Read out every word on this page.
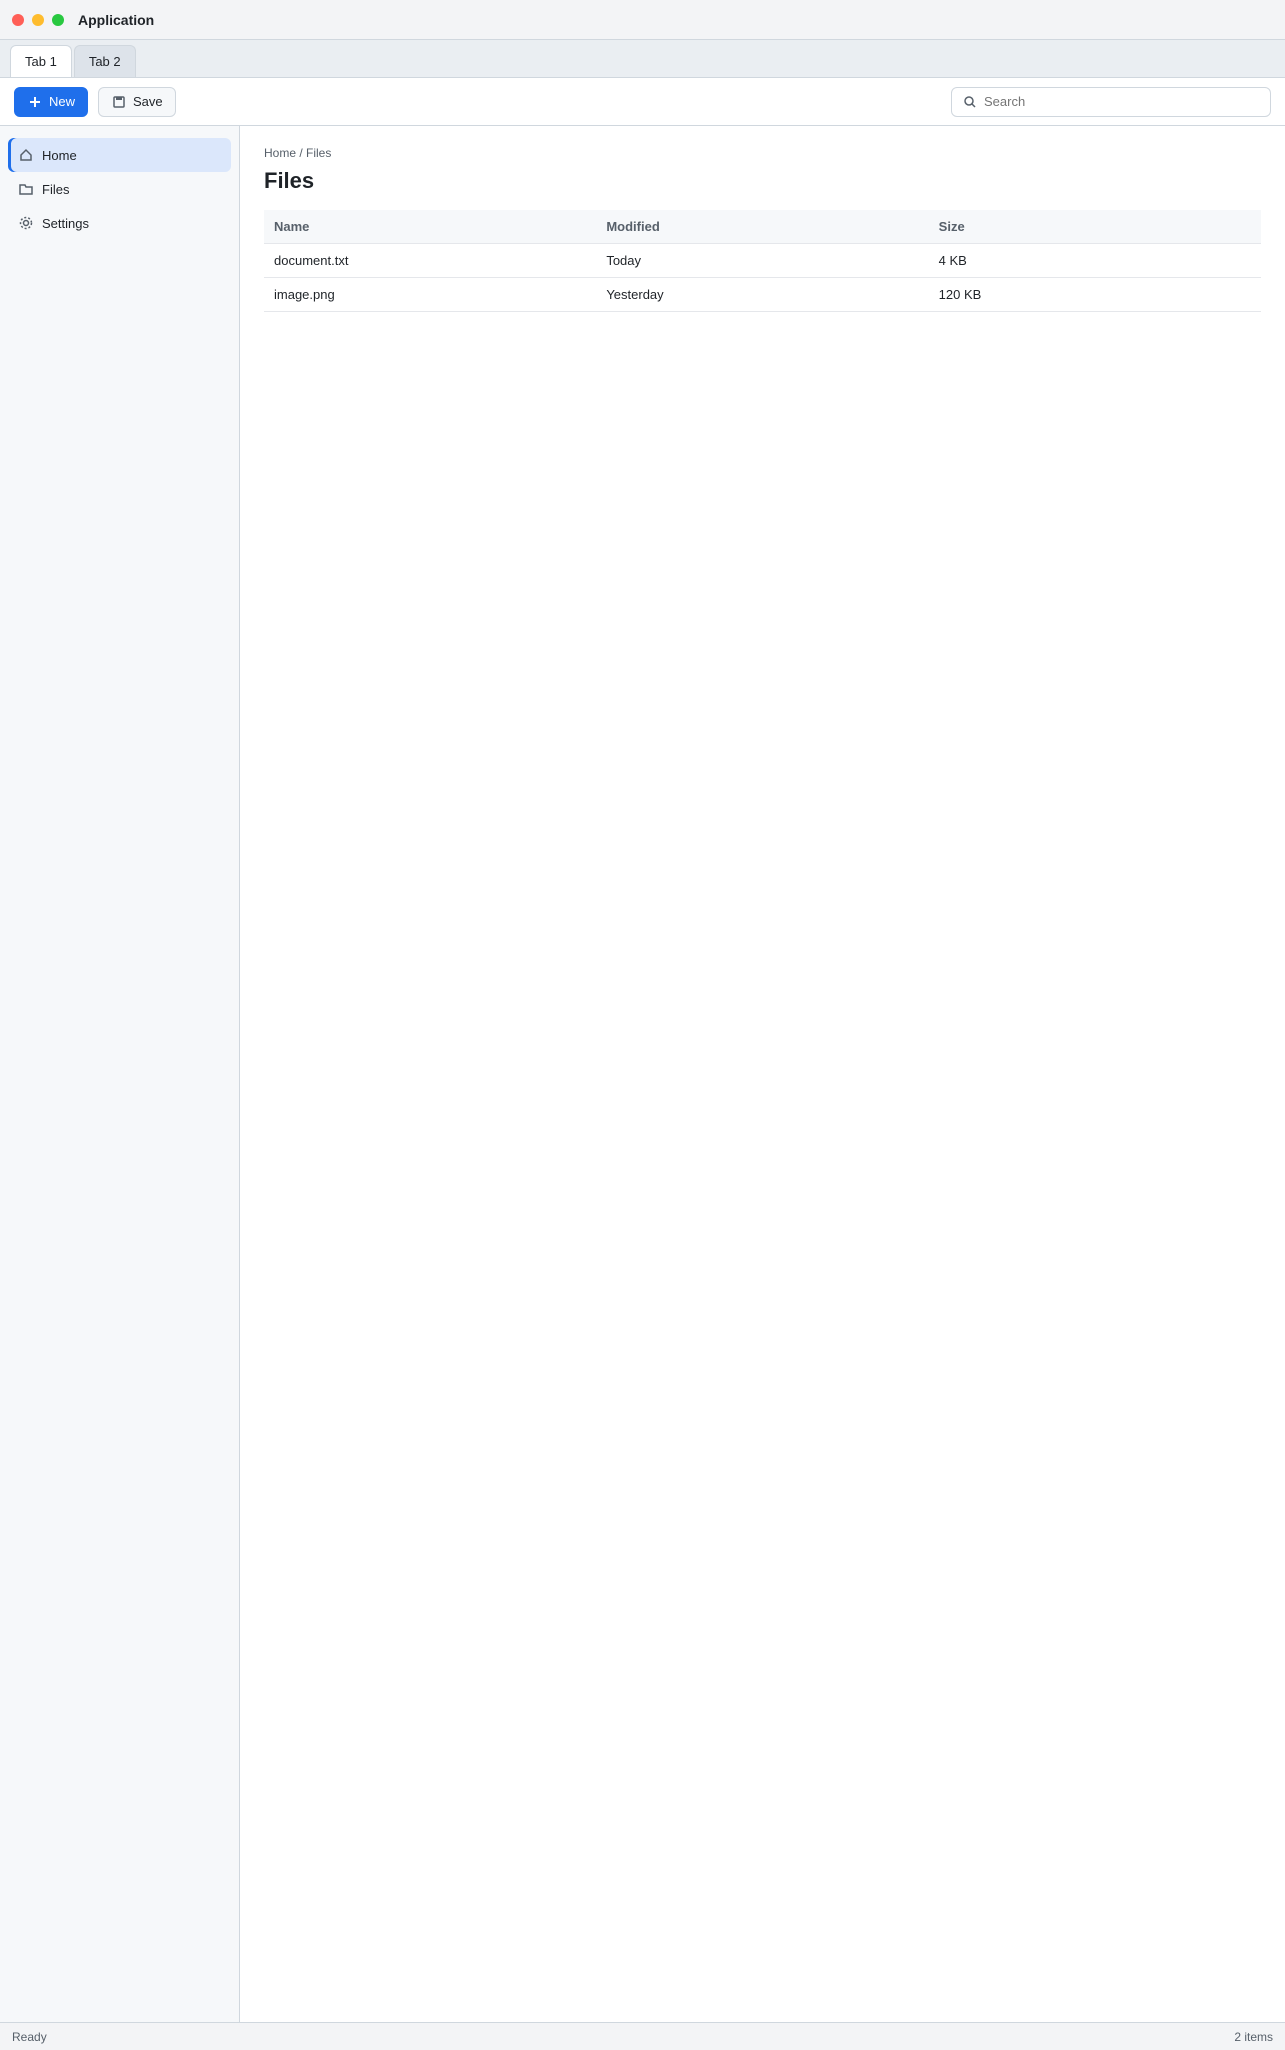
Application
Tab 1 Tab 2
New	Save
Search
Home
Files
Settings
Home / Files
Files
Name	Modified	Size
document.txt	Today	4 KB
image.png	Yesterday	120 KB
Ready	2 items
